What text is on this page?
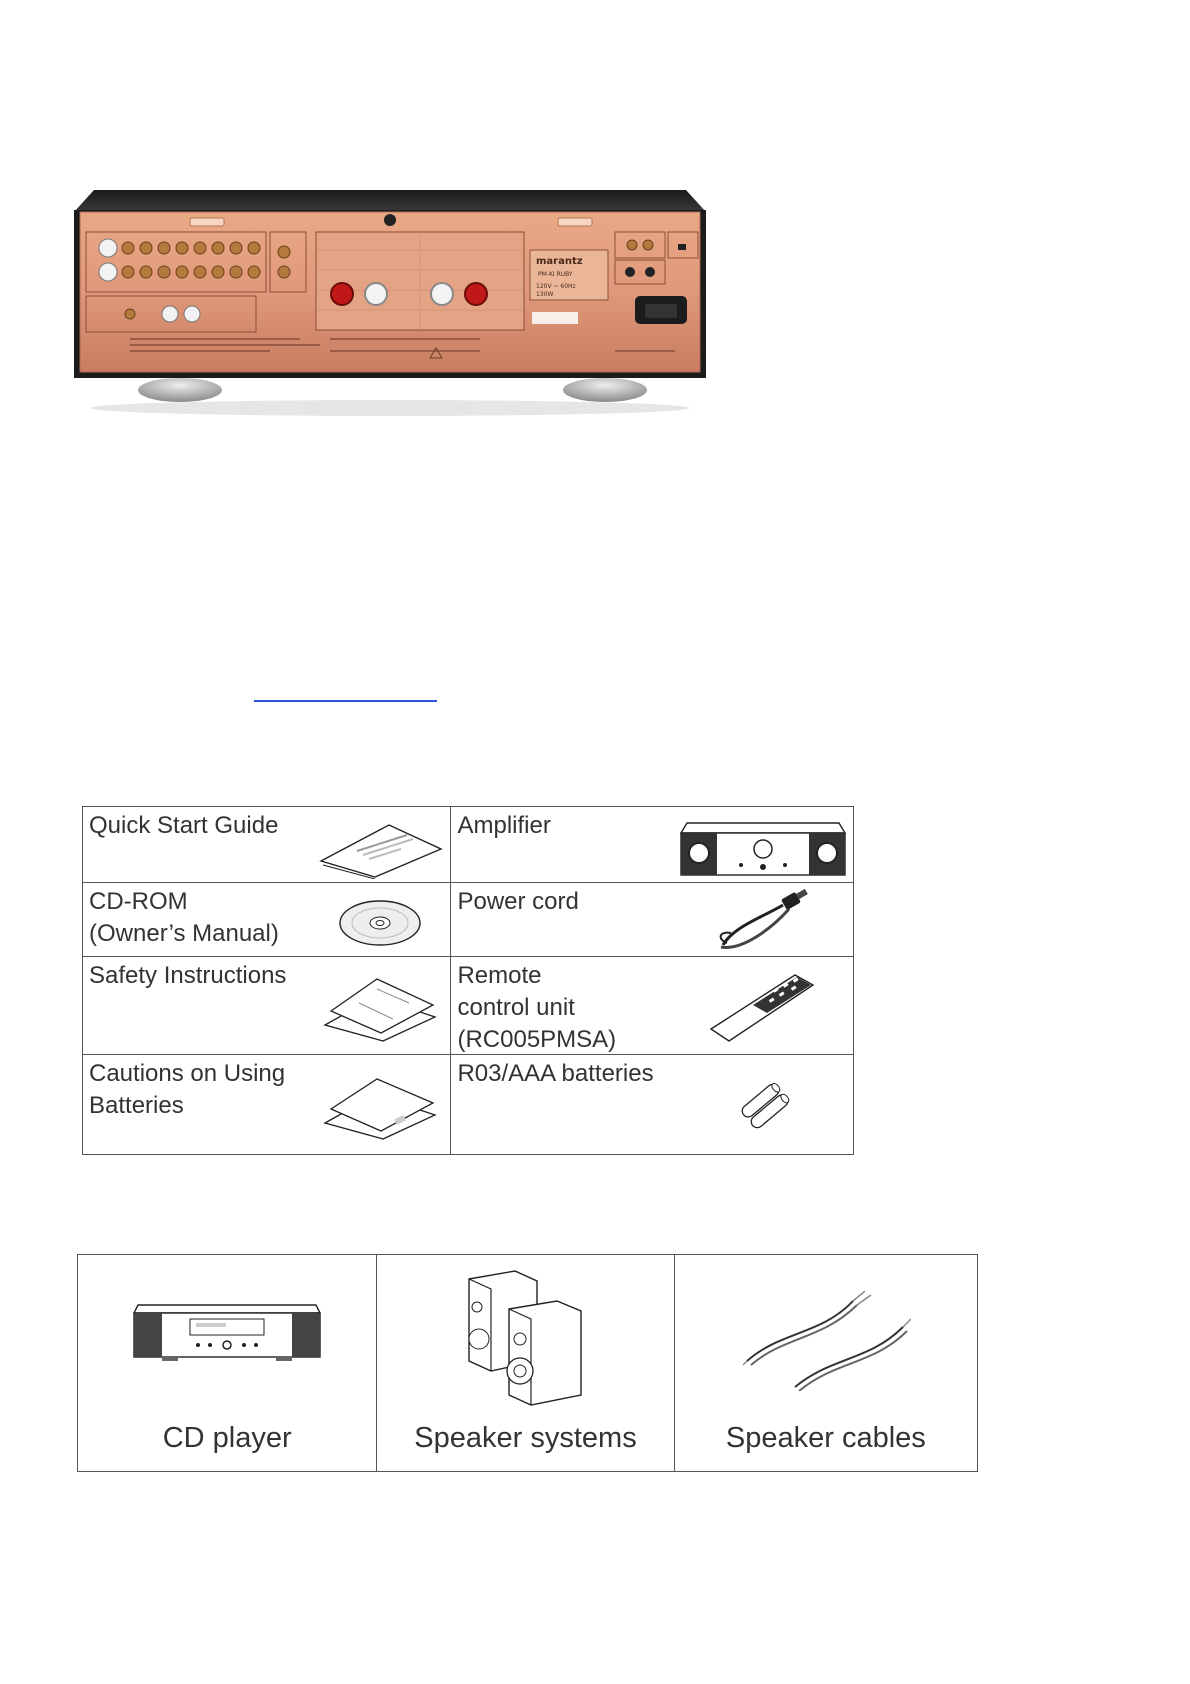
marantz
PM-KI RUBY
120V ~ 60Hz
130W
Quick Start Guide	Amplifier

CD-ROM
(Owner’s Manual)	Power cord

Safety Instructions	Remote
control unit
(RC005PMSA)

Cautions on Using
Batteries	R03/AAA batteries
CD player	Speaker systems	Speaker cables
